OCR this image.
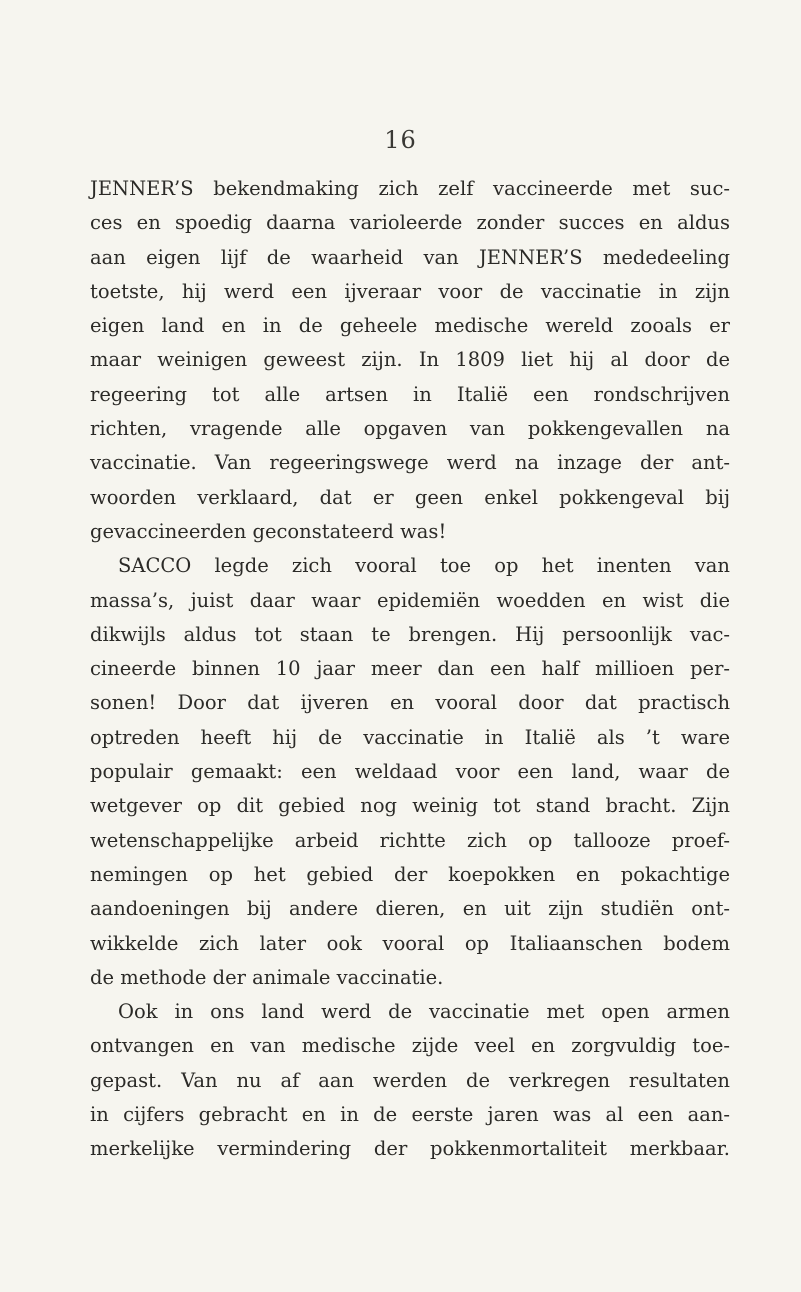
16
JENNER’S bekendmaking zich zelf vaccineerde met suc-
ces en spoedig daarna varioleerde zonder succes en aldus
aan eigen lijf de waarheid van JENNER’S mededeeling
toetste, hij werd een ijveraar voor de vaccinatie in zijn
eigen land en in de geheele medische wereld zooals er
maar weinigen geweest zijn. In 1809 liet hij al door de
regeering tot alle artsen in Italië een rondschrijven
richten, vragende alle opgaven van pokkengevallen na
vaccinatie. Van regeeringswege werd na inzage der ant-
woorden verklaard, dat er geen enkel pokkengeval bij
gevaccineerden geconstateerd was!
SACCO legde zich vooral toe op het inenten van
massa’s, juist daar waar epidemiën woedden en wist die
dikwijls aldus tot staan te brengen. Hij persoonlijk vac-
cineerde binnen 10 jaar meer dan een half millioen per-
sonen! Door dat ijveren en vooral door dat practisch
optreden heeft hij de vaccinatie in Italië als ’t ware
populair gemaakt: een weldaad voor een land, waar de
wetgever op dit gebied nog weinig tot stand bracht. Zijn
wetenschappelijke arbeid richtte zich op tallooze proef-
nemingen op het gebied der koepokken en pokachtige
aandoeningen bij andere dieren, en uit zijn studiën ont-
wikkelde zich later ook vooral op Italiaanschen bodem
de methode der animale vaccinatie.
Ook in ons land werd de vaccinatie met open armen
ontvangen en van medische zijde veel en zorgvuldig toe-
gepast. Van nu af aan werden de verkregen resultaten
in cijfers gebracht en in de eerste jaren was al een aan-
merkelijke vermindering der pokkenmortaliteit merkbaar.
